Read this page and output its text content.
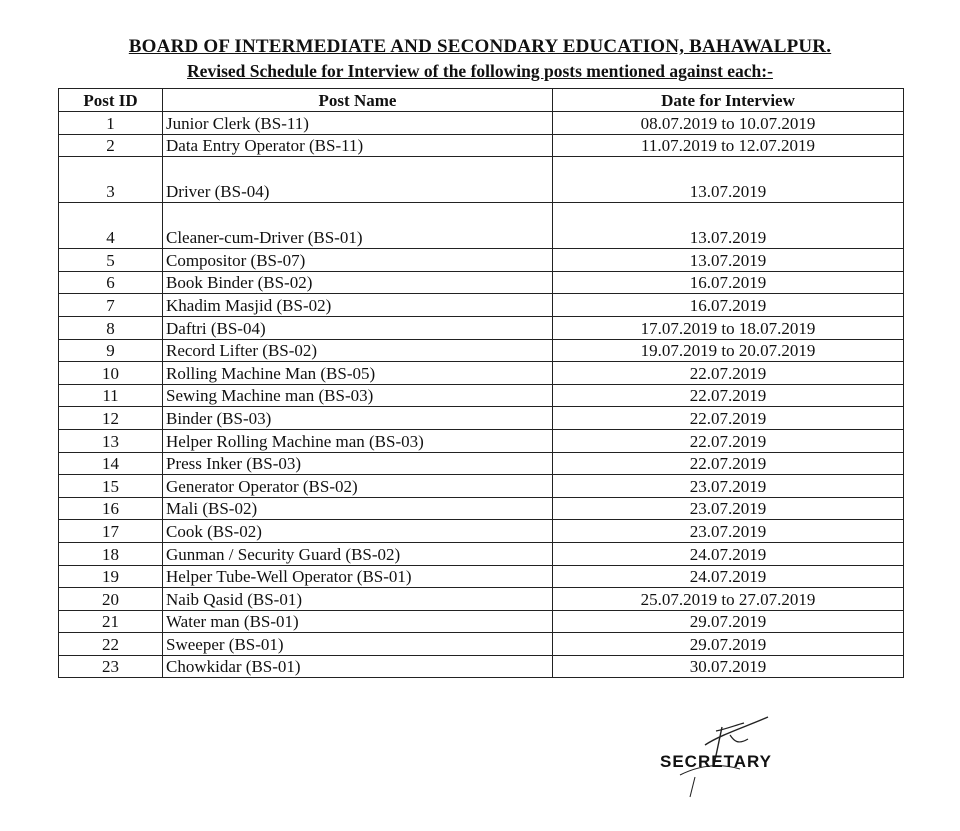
BOARD OF INTERMEDIATE AND SECONDARY EDUCATION, BAHAWALPUR.
Revised Schedule for Interview of the following posts mentioned against each:-
Post ID	Post Name	Date for Interview
1	Junior Clerk (BS-11)	08.07.2019 to 10.07.2019
2	Data Entry Operator (BS-11)	11.07.2019 to 12.07.2019
3	Driver (BS-04)	13.07.2019
4	Cleaner-cum-Driver (BS-01)	13.07.2019
5	Compositor (BS-07)	13.07.2019
6	Book Binder (BS-02)	16.07.2019
7	Khadim Masjid (BS-02)	16.07.2019
8	Daftri (BS-04)	17.07.2019 to 18.07.2019
9	Record Lifter (BS-02)	19.07.2019 to 20.07.2019
10	Rolling Machine Man (BS-05)	22.07.2019
11	Sewing Machine man (BS-03)	22.07.2019
12	Binder (BS-03)	22.07.2019
13	Helper Rolling Machine man (BS-03)	22.07.2019
14	Press Inker (BS-03)	22.07.2019
15	Generator Operator (BS-02)	23.07.2019
16	Mali (BS-02)	23.07.2019
17	Cook (BS-02)	23.07.2019
18	Gunman / Security Guard (BS-02)	24.07.2019
19	Helper Tube-Well Operator (BS-01)	24.07.2019
20	Naib Qasid (BS-01)	25.07.2019 to 27.07.2019
21	Water man (BS-01)	29.07.2019
22	Sweeper (BS-01)	29.07.2019
23	Chowkidar (BS-01)	30.07.2019
SECRETARY
